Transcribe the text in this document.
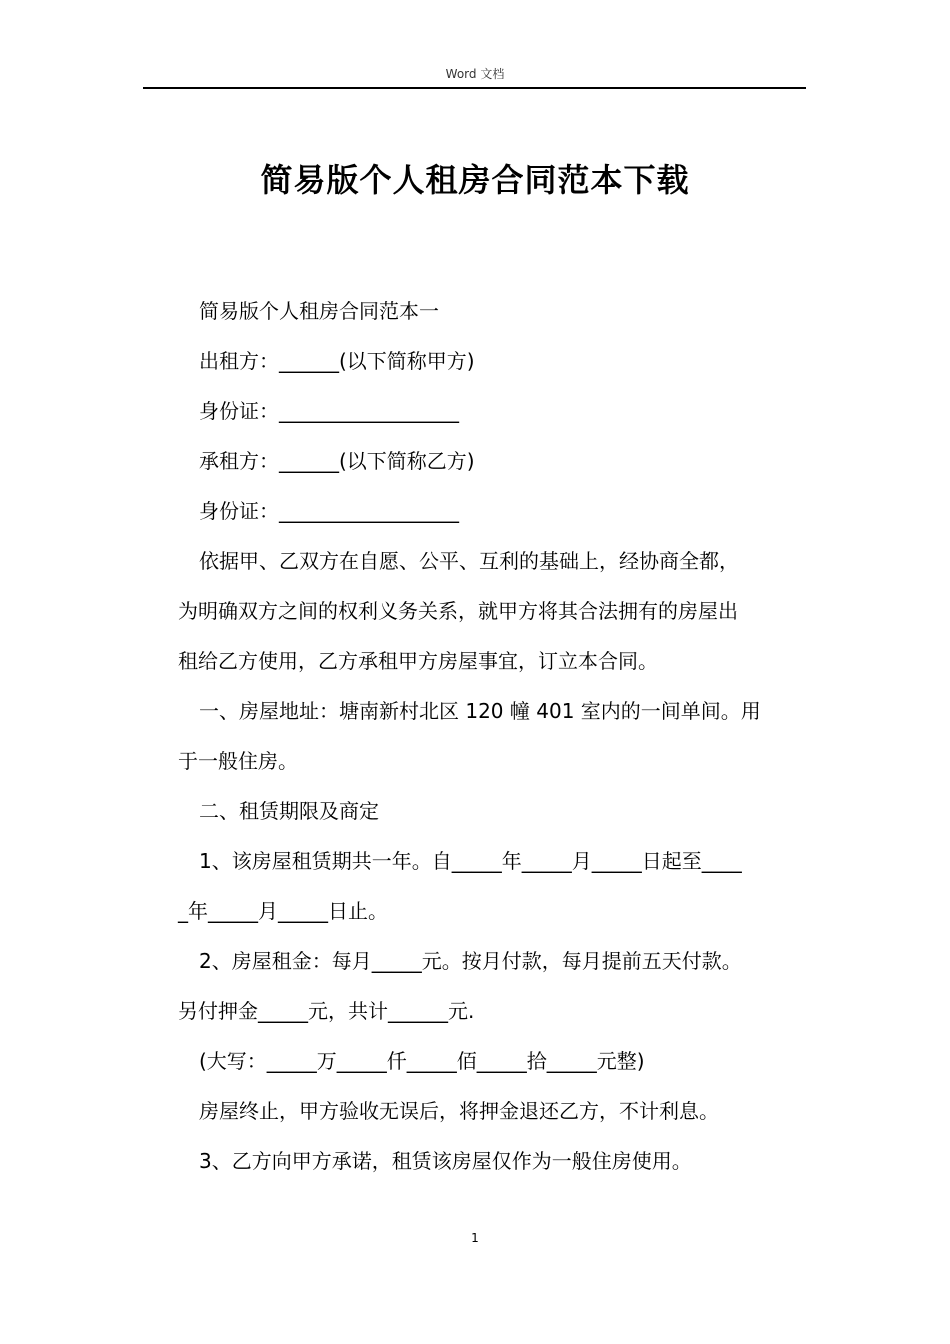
Word 文档
简易版个人租房合同范本下载
简易版个人租房合同范本一
出租方：______(以下简称甲方)
身份证：__________________
承租方：______(以下简称乙方)
身份证：__________________
依据甲、乙双方在自愿、公平、互利的基础上，经协商全都，
为明确双方之间的权利义务关系，就甲方将其合法拥有的房屋出
租给乙方使用，乙方承租甲方房屋事宜，订立本合同。
一、房屋地址：塘南新村北区 120 幢 401 室内的一间单间。用
于一般住房。
二、租赁期限及商定
1、该房屋租赁期共一年。自_____年_____月_____日起至____
_年_____月_____日止。
2、房屋租金：每月_____元。按月付款，每月提前五天付款。
另付押金_____元，共计______元.
(大写：_____万_____仟_____佰_____拾_____元整)
房屋终止，甲方验收无误后，将押金退还乙方，不计利息。
3、乙方向甲方承诺，租赁该房屋仅作为一般住房使用。
1
